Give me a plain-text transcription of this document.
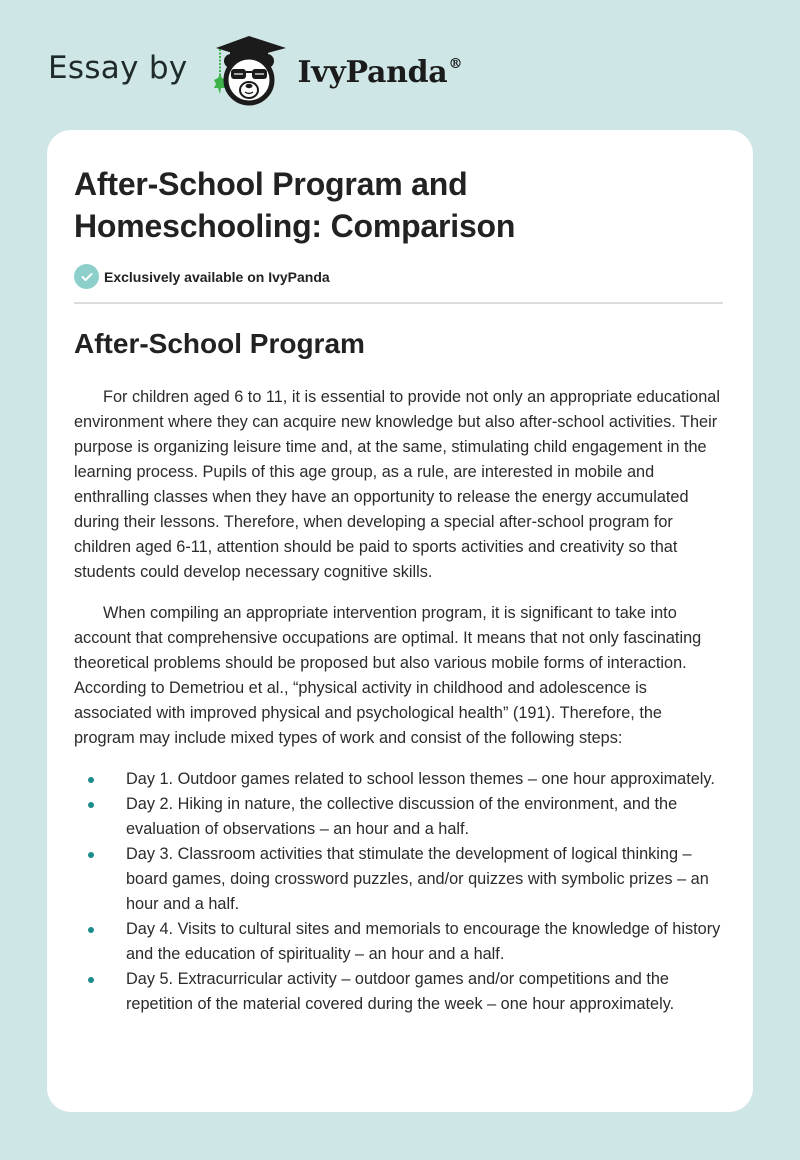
Essay by	IvyPanda®
After-School Program and Homeschooling: Comparison
Exclusively available on IvyPanda
After-School Program

For children aged 6 to 11, it is essential to provide not only an appropriate educational environment where they can acquire new knowledge but also after-school activities. Their purpose is organizing leisure time and, at the same, stimulating child engagement in the learning process. Pupils of this age group, as a rule, are interested in mobile and enthralling classes when they have an opportunity to release the energy accumulated during their lessons. Therefore, when developing a special after-school program for children aged 6-11, attention should be paid to sports activities and creativity so that students could develop necessary cognitive skills.

When compiling an appropriate intervention program, it is significant to take into account that comprehensive occupations are optimal. It means that not only fascinating theoretical problems should be proposed but also various mobile forms of interaction. According to Demetriou et al., “physical activity in childhood and adolescence is associated with improved physical and psychological health” (191). Therefore, the program may include mixed types of work and consist of the following steps:

Day 1. Outdoor games related to school lesson themes – one hour approximately.
Day 2. Hiking in nature, the collective discussion of the environment, and the evaluation of observations – an hour and a half.
Day 3. Classroom activities that stimulate the development of logical thinking – board games, doing crossword puzzles, and/or quizzes with symbolic prizes – an hour and a half.
Day 4. Visits to cultural sites and memorials to encourage the knowledge of history and the education of spirituality – an hour and a half.
Day 5. Extracurricular activity – outdoor games and/or competitions and the repetition of the material covered during the week – one hour approximately.
